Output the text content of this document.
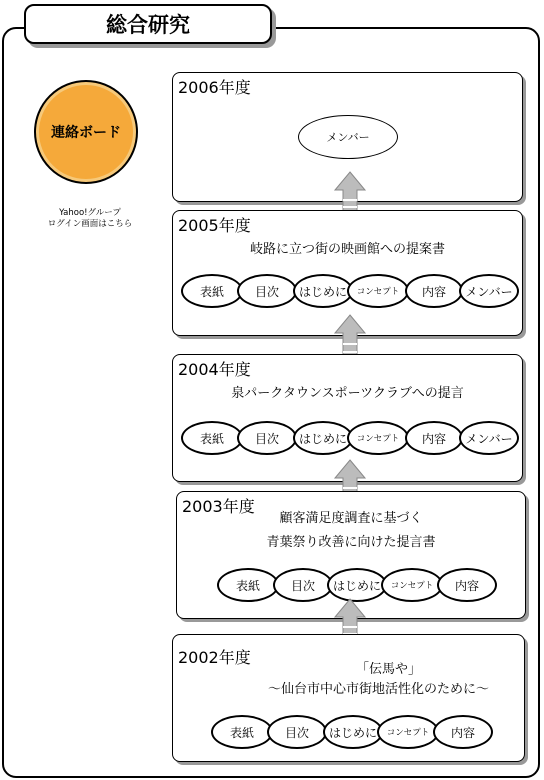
総合研究
連絡ボード
Yahoo!グループ
ログイン画面はこちら
2006年度
メンバー
2005年度
岐路に立つ街の映画館への提案書
表紙	目次	はじめに	コンセプト	内容	メンバー
2004年度
泉パークタウンスポーツクラブへの提言
表紙	目次	はじめに	コンセプト	内容	メンバー
2003年度
顧客満足度調査に基づく
青葉祭り改善に向けた提言書
表紙	目次	はじめに	コンセプト	内容
2002年度
「伝馬や」
～仙台市中心市街地活性化のために～
表紙	目次	はじめに	コンセプト	内容
